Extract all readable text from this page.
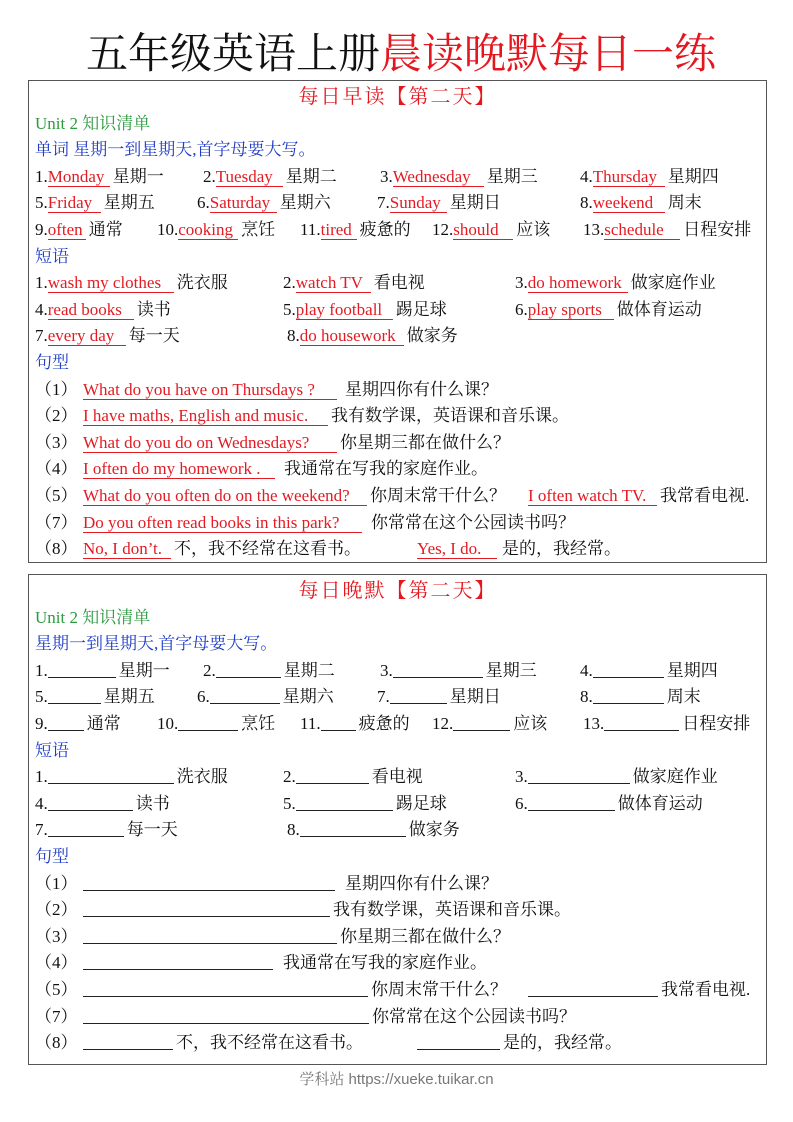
五年级英语上册晨读晚默每日一练
每日早读【第二天】
Unit 2 知识清单
单词 星期一到星期天,首字母要大写。
1.Monday 星期一 2.Tuesday 星期二	3.Wednesday 星期三 4.Thursday 星期四
5.Friday 星期五 6.Saturday 星期六	7.Sunday 星期日	8.weekend 周末
9.often 通常 10.cooking 烹饪 11.tired 疲惫的 12.should 应该 13.schedule 日程安排
短语
1.wash my clothes 洗衣服	2.watch TV 看电视	3.do homework 做家庭作业
4.read books 读书	5.play football 踢足球	6.play sports 做体育运动
7.every day 每一天	8.do housework 做家务
句型
（1） What do you have on Thursdays ? 星期四你有什么课？
（2） I have maths, English and music. 我有数学课，英语课和音乐课。
（3） What do you do on Wednesdays? 你星期三都在做什么？
（4） I often do my homework . 我通常在写我的家庭作业。
（5） What do you often do on the weekend? 你周末常干什么？ I often watch TV. 我常看电视.
（7） Do you often read books in this park? 你常常在这个公园读书吗？
（8） No, I don’t. 不，我不经常在这看书。	Yes, I do. 是的，我经常。
每日晚默【第二天】
Unit 2 知识清单
星期一到星期天,首字母要大写。
1.	星期一 2.	星期二	3.	星期三	4.	星期四
5.	星期五 6.	星期六	7.	星期日	8.	周末
9. 通常 10.	烹饪 11. 疲惫的 12.	应该 13.	日程安排
短语
1.	洗衣服	2.	看电视	3.	做家庭作业
4.	读书	5.	踢足球	6.	做体育运动
7.	每一天	8.	做家务
句型
（1）	星期四你有什么课？
（2）	我有数学课，英语课和音乐课。
（3）	你星期三都在做什么？
（4）	我通常在写我的家庭作业。
（5）	你周末常干什么？	我常看电视.
（7）	你常常在这个公园读书吗？
（8）	不，我不经常在这看书。	是的，我经常。
学科站 https://xueke.tuikar.cn
